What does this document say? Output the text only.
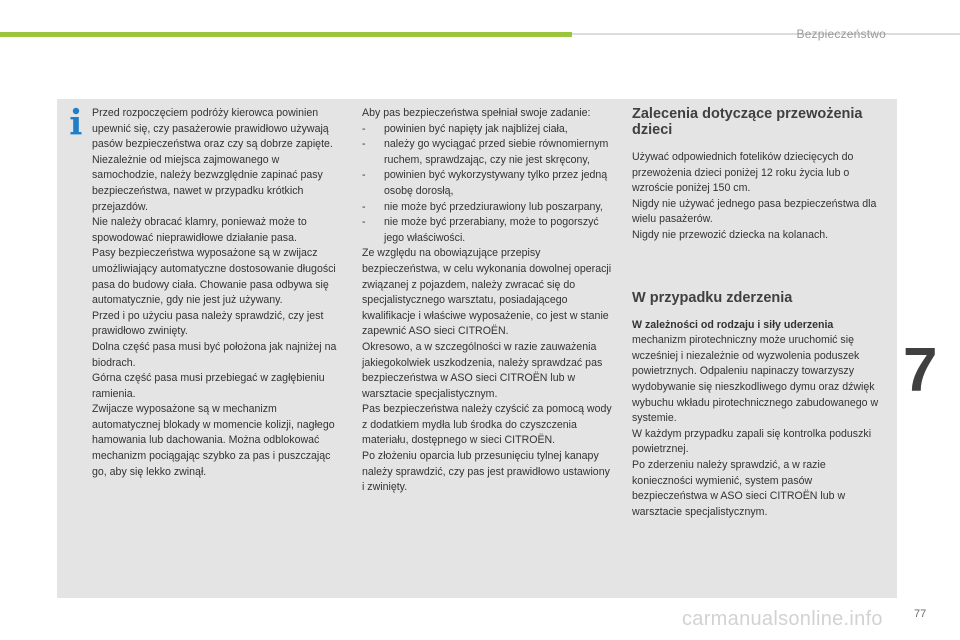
Bezpieczeństwo

Przed rozpoczęciem podróży kierowca powinien upewnić się, czy pasażerowie prawidłowo używają pasów bezpieczeństwa oraz czy są dobrze zapięte.

Niezależnie od miejsca zajmowanego w samochodzie, należy bezwzględnie zapinać pasy bezpieczeństwa, nawet w przypadku krótkich przejazdów.

Nie należy obracać klamry, ponieważ może to spowodować nieprawidłowe działanie pasa.

Pasy bezpieczeństwa wyposażone są w zwijacz umożliwiający automatyczne dostosowanie długości pasa do budowy ciała. Chowanie pasa odbywa się automatycznie, gdy nie jest już używany.

Przed i po użyciu pasa należy sprawdzić, czy jest prawidłowo zwinięty.

Dolna część pasa musi być położona jak najniżej na biodrach.

Górna część pasa musi przebiegać w zagłębieniu ramienia.

Zwijacze wyposażone są w mechanizm automatycznej blokady w momencie kolizji, nagłego hamowania lub dachowania. Można odblokować mechanizm pociągając szybko za pas i puszczając go, aby się lekko zwinął.

Aby pas bezpieczeństwa spełniał swoje zadanie:

-	powinien być napięty jak najbliżej ciała,
-	należy go wyciągać przed siebie równomiernym ruchem, sprawdzając, czy nie jest skręcony,
-	powinien być wykorzystywany tylko przez jedną osobę dorosłą,
-	nie może być przedziurawiony lub poszarpany,
-	nie może być przerabiany, może to pogorszyć jego właściwości.

Ze względu na obowiązujące przepisy bezpieczeństwa, w celu wykonania dowolnej operacji związanej z pojazdem, należy zwracać się do specjalistycznego warsztatu, posiadającego kwalifikacje i właściwe wyposażenie, co jest w stanie zapewnić ASO sieci CITROËN.

Okresowo, a w szczególności w razie zauważenia jakiegokolwiek uszkodzenia, należy sprawdzać pas bezpieczeństwa w ASO sieci CITROËN lub w warsztacie specjalistycznym.

Pas bezpieczeństwa należy czyścić za pomocą wody z dodatkiem mydła lub środka do czyszczenia materiału, dostępnego w sieci CITROËN.

Po złożeniu oparcia lub przesunięciu tylnej kanapy należy sprawdzić, czy pas jest prawidłowo ustawiony i zwinięty.

Zalecenia dotyczące przewożenia dzieci

Używać odpowiednich fotelików dziecięcych do przewożenia dzieci poniżej 12 roku życia lub o wzroście poniżej 150 cm.

Nigdy nie używać jednego pasa bezpieczeństwa dla wielu pasażerów.

Nigdy nie przewozić dziecka na kolanach.

W przypadku zderzenia

W zależności od rodzaju i siły uderzenia mechanizm pirotechniczny może uruchomić się wcześniej i niezależnie od wyzwolenia poduszek powietrznych. Odpaleniu napinaczy towarzyszy wydobywanie się nieszkodliwego dymu oraz dźwięk wybuchu wkładu pirotechnicznego zabudowanego w systemie.

W każdym przypadku zapali się kontrolka poduszki powietrznej.

Po zderzeniu należy sprawdzić, a w razie konieczności wymienić, system pasów bezpieczeństwa w ASO sieci CITROËN lub w warsztacie specjalistycznym.

7
carmanualsonline.info	77
